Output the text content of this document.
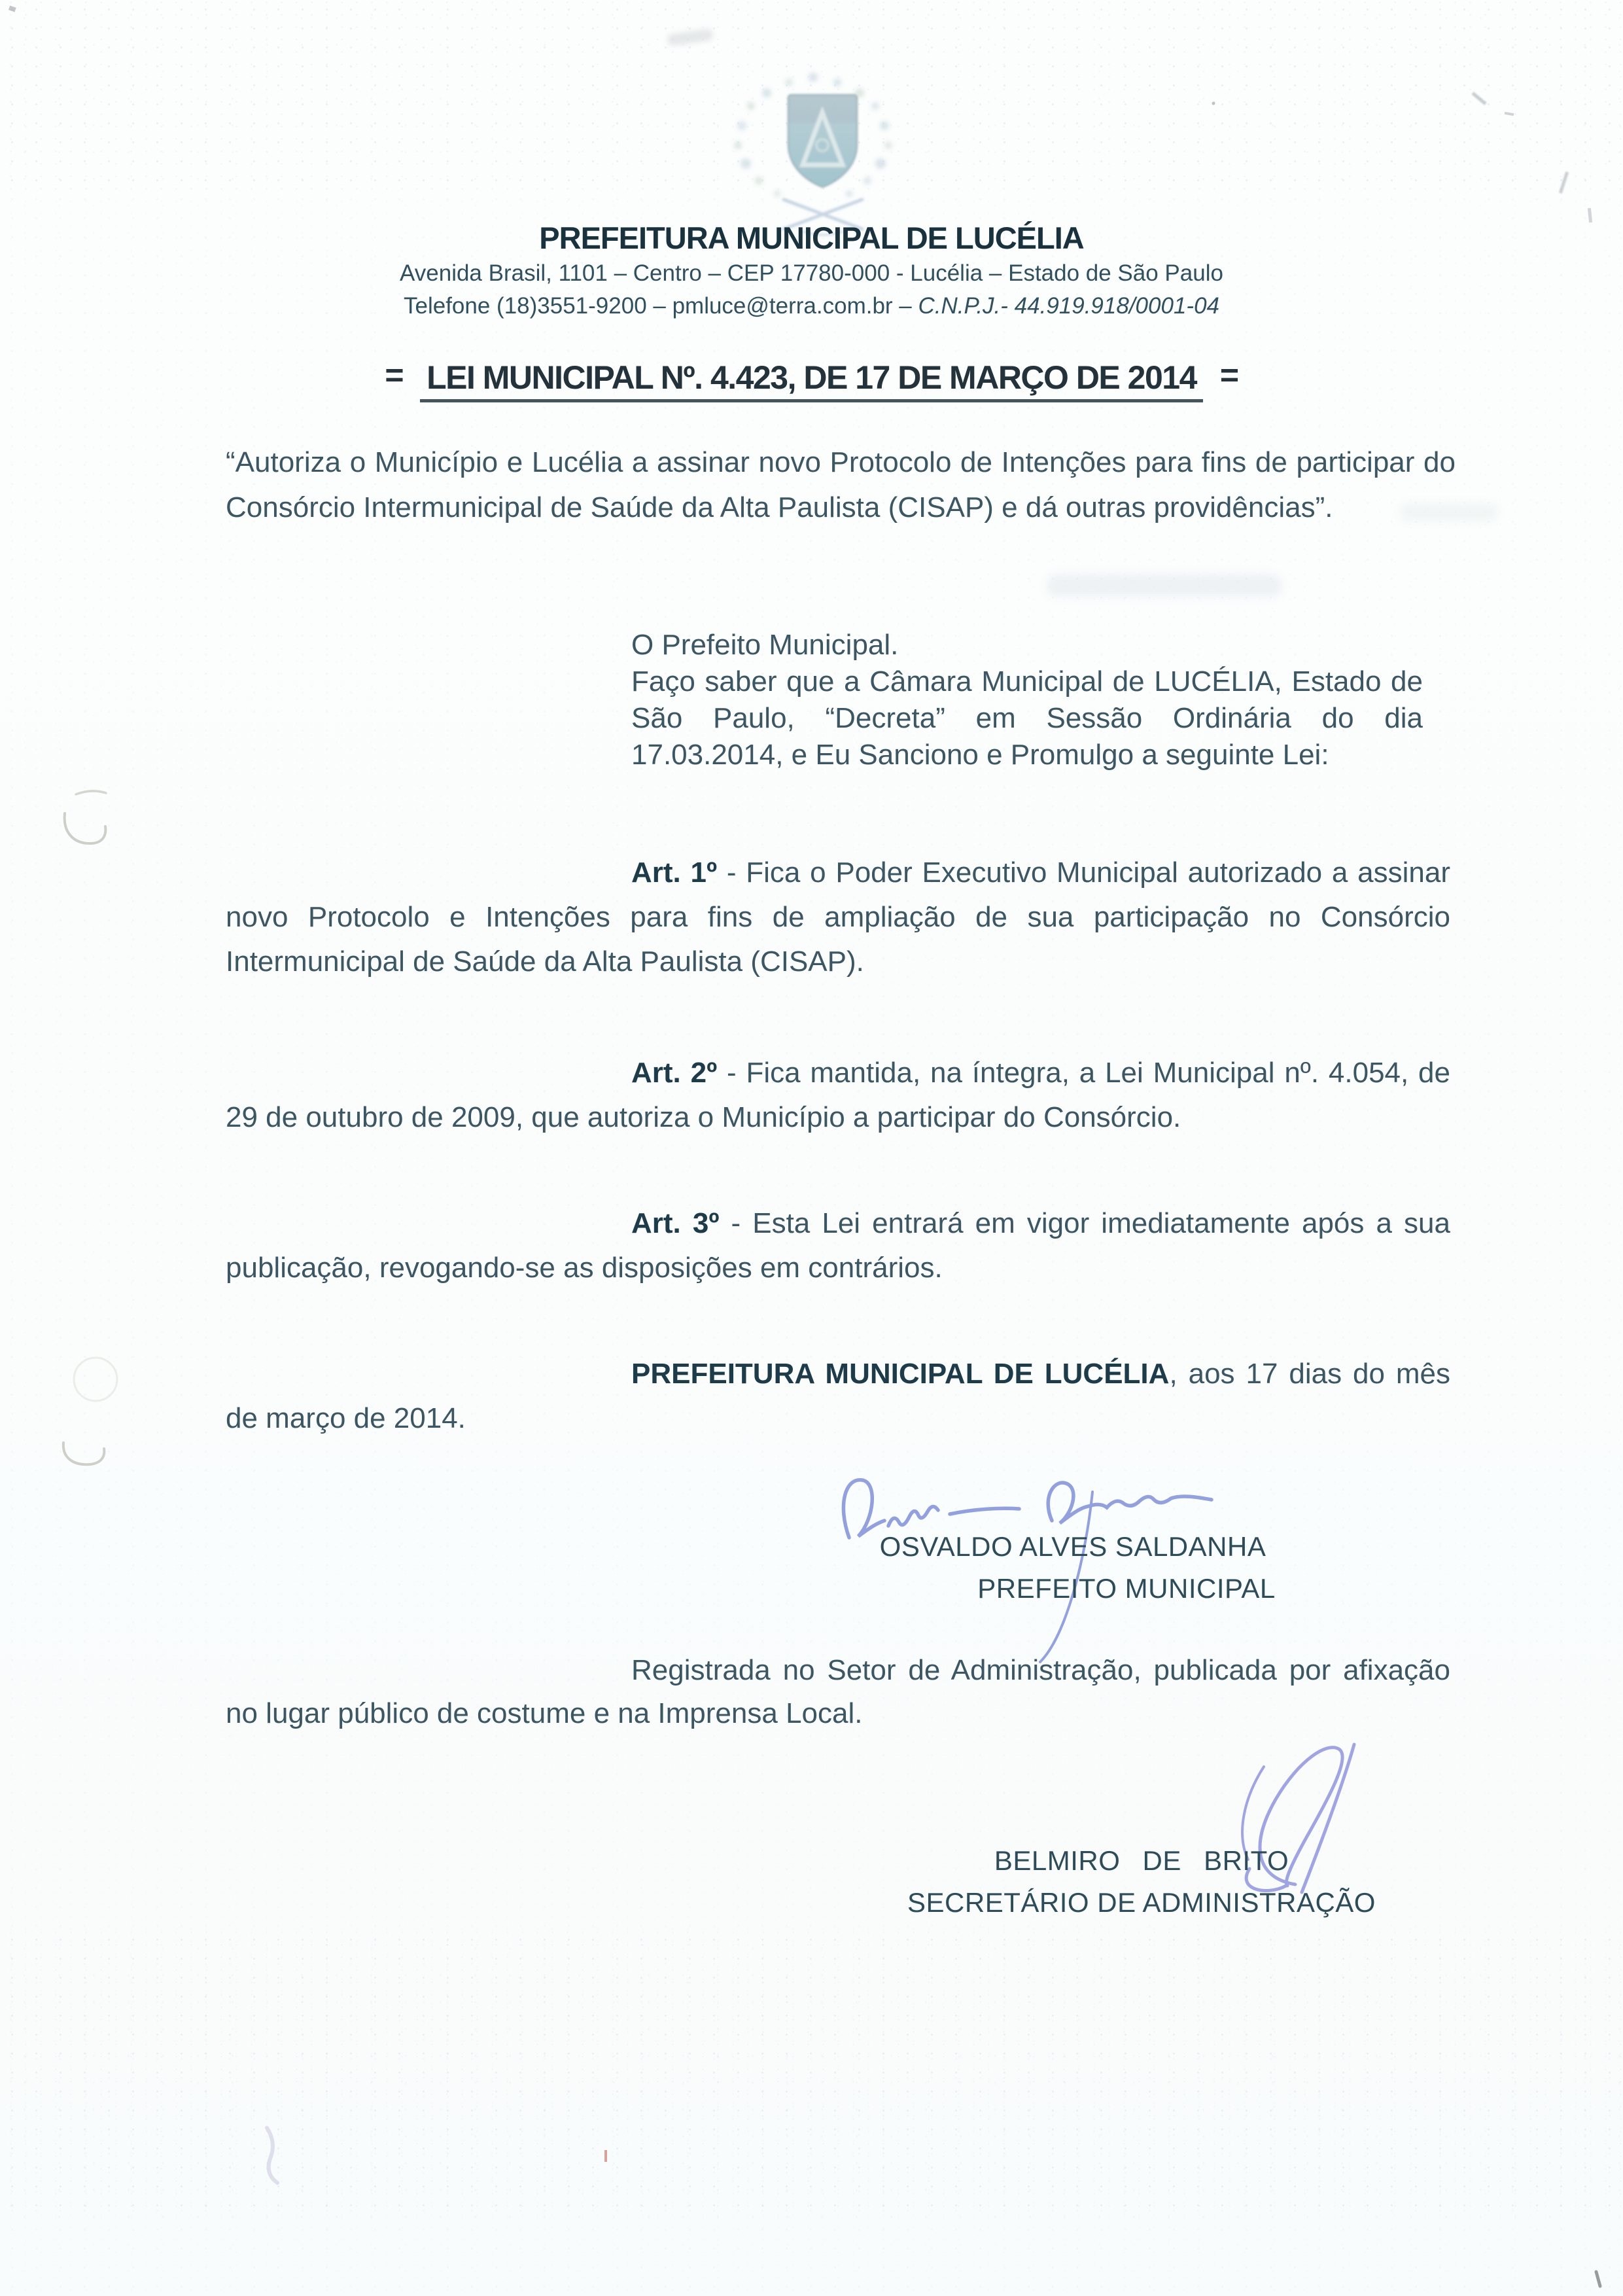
PREFEITURA MUNICIPAL DE LUCÉLIA
Avenida Brasil, 1101 – Centro – CEP 17780-000 - Lucélia – Estado de São Paulo
Telefone (18)3551-9200 – pmluce@terra.com.br – C.N.P.J.- 44.919.918/0001-04
= LEI MUNICIPAL Nº. 4.423, DE 17 DE MARÇO DE 2014 =
“Autoriza o Município e Lucélia a assinar novo Protocolo de Intenções para fins de participar do Consórcio Intermunicipal de Saúde da Alta Paulista (CISAP) e dá outras providências”.

O Prefeito Municipal.

Faço saber que a Câmara Municipal de LUCÉLIA, Estado de São Paulo, “Decreta” em Sessão Ordinária do dia 17.03.2014, e Eu Sanciono e Promulgo a seguinte Lei:

Art. 1º - Fica o Poder Executivo Municipal autorizado a assinar novo Protocolo e Intenções para fins de ampliação de sua participação no Consórcio Intermunicipal de Saúde da Alta Paulista (CISAP).
Art. 2º - Fica mantida, na íntegra, a Lei Municipal nº. 4.054, de 29 de outubro de 2009, que autoriza o Município a participar do Consórcio.
Art. 3º - Esta Lei entrará em vigor imediatamente após a sua publicação, revogando-se as disposições em contrários.
PREFEITURA MUNICIPAL DE LUCÉLIA, aos 17 dias do mês de março de 2014.
OSVALDO ALVES SALDANHA
PREFEITO MUNICIPAL
Registrada no Setor de Administração, publicada por afixação no lugar público de costume e na Imprensa Local.
BELMIRO DE BRITO
SECRETÁRIO DE ADMINISTRAÇÃO
